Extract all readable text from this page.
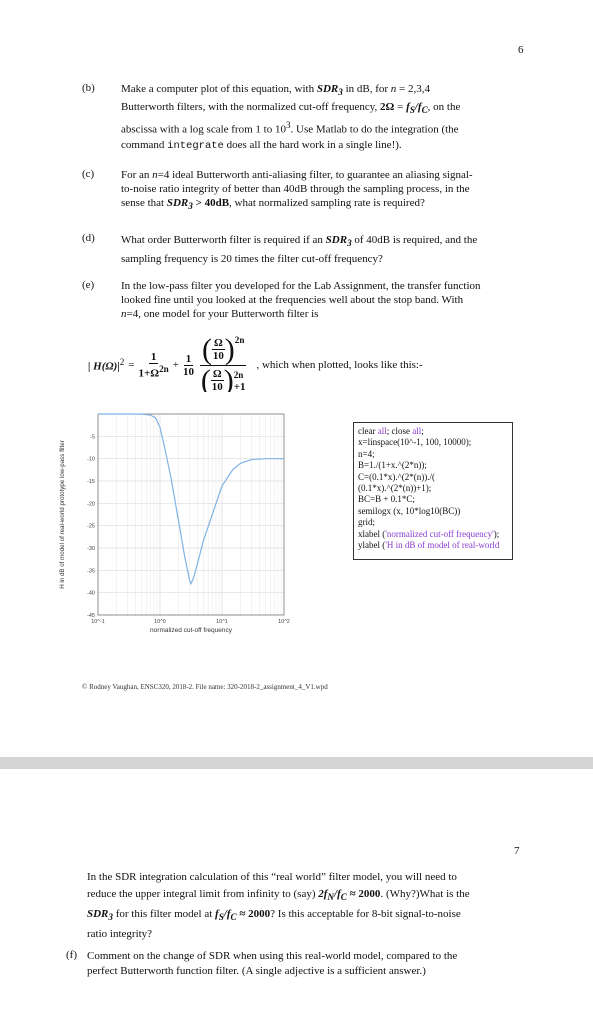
6
(b) Make a computer plot of this equation, with $SDR_3$ in dB, for n = 2,3,4
Butterworth filters, with the normalized cut-off frequency, $2\Omega = f_S/f_C$, on the
abscissa with a log scale from 1 to $10^3$. Use Matlab to do the integration (the
command integrate does all the hard work in a single line!).
(c) For an n=4 ideal Butterworth anti-aliasing filter, to guarantee an aliasing signal-
to-noise ratio integrity of better than 40dB through the sampling process, in the
sense that $SDR_3 > 40dB$, what normalized sampling rate is required?
(d) What order Butterworth filter is required if an $SDR_3$ of 40dB is required, and the
sampling frequency is 20 times the filter cut-off frequency?
(e) In the low-pass filter you developed for the Lab Assignment, the transfer function
looked fine until you looked at the frequencies well about the stop band. With
n=4, one model for your Butterworth filter is
| $H(\Omega)|^2 = \frac{1}{1+\Omega^{2n}} + \frac{1}{10}$ ( $\frac{\Omega}{10} )^{2n}$
( $\frac{\Omega}{10}$ ) 2n
+1 , which when plotted, looks like this:-
-5
-10
-15
-20
-25
-30
-35
-40
-45
10^-1	10^0	10^1	10^2
normalized cut-off frequency
H in dB of model of real-world prototype low-pass filter
clear all; close all;
x=linspace(10^-1, 100, 10000);
n=4;
B=1./(1+x.^(2*n));
C=(0.1*x).^(2*(n))./(
(0.1*x).^(2*(n))+1);
BC=B + 0.1*C;
semilogx (x, 10*log10(BC))
grid;
xlabel ('normalized cut-off frequency');
ylabel ('H in dB of model of real-world
© Rodney Vaughan, ENSC320, 2018-2. File name: 320-2018-2_assignment_4_V1.wpd
7
In the SDR integration calculation of this “real world” filter model, you will need to
reduce the upper integral limit from infinity to (say) $2f_N/f_C \approx 2000$. (Why?)What is the
$SDR_3$ for this filter model at $f_S/f_C \approx 2000$? Is this acceptable for 8-bit signal-to-noise
ratio integrity?
(f) Comment on the change of SDR when using this real-world model, compared to the
perfect Butterworth function filter. (A single adjective is a sufficient answer.)
